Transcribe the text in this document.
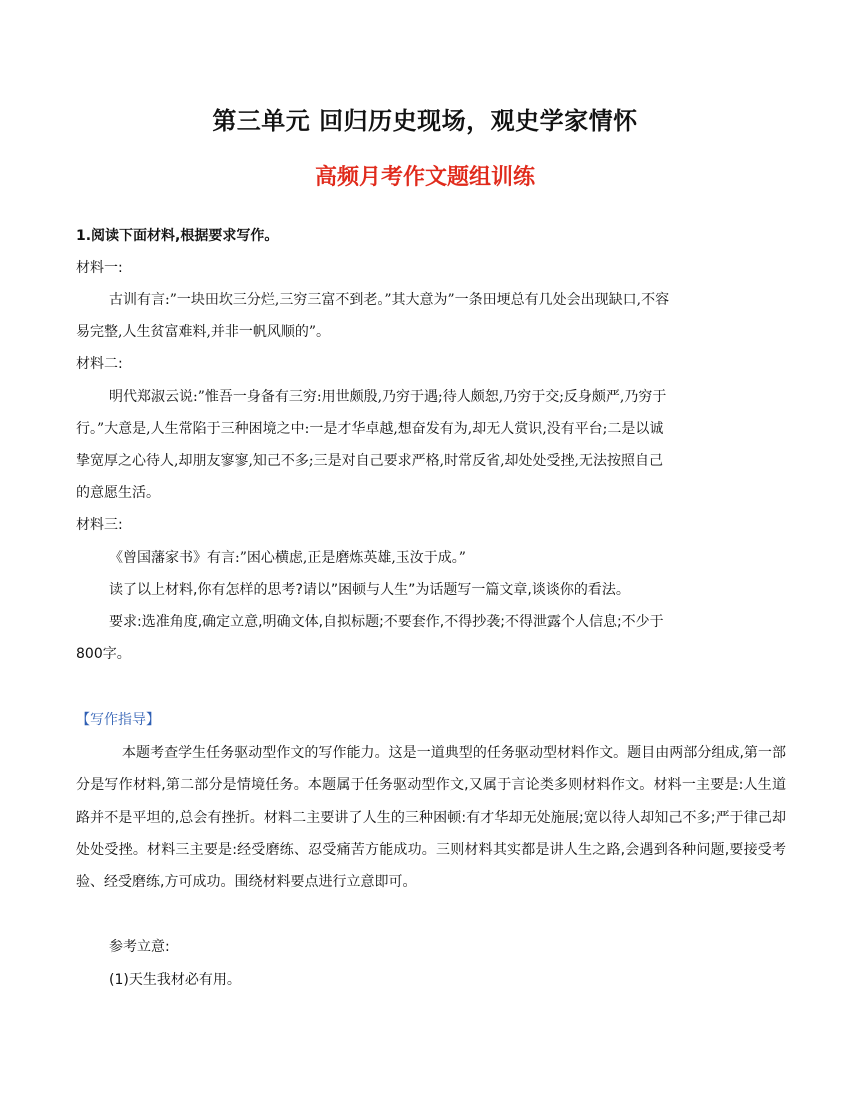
第三单元 回归历史现场，观史学家情怀
高频月考作文题组训练
1.阅读下面材料,根据要求写作。
材料一:
古训有言:”一块田坎三分烂,三穷三富不到老。”其大意为”一条田埂总有几处会出现缺口,不容
易完整,人生贫富难料,并非一帆风顺的”。
材料二:
明代郑淑云说:”惟吾一身备有三穷:用世颇殷,乃穷于遇;待人颇恕,乃穷于交;反身颇严,乃穷于
行。”大意是,人生常陷于三种困境之中:一是才华卓越,想奋发有为,却无人赏识,没有平台;二是以诚
挚宽厚之心待人,却朋友寥寥,知己不多;三是对自己要求严格,时常反省,却处处受挫,无法按照自己
的意愿生活。
材料三:
《曾国藩家书》有言:”困心横虑,正是磨炼英雄,玉汝于成。”
读了以上材料,你有怎样的思考?请以”困顿与人生”为话题写一篇文章,谈谈你的看法。
要求:选准角度,确定立意,明确文体,自拟标题;不要套作,不得抄袭;不得泄露个人信息;不少于
800字。
【写作指导】
本题考查学生任务驱动型作文的写作能力。这是一道典型的任务驱动型材料作文。题目由两部分组成,第一部分是写作材料,第二部分是情境任务。本题属于任务驱动型作文,又属于言论类多则材料作文。材料一主要是:人生道路并不是平坦的,总会有挫折。材料二主要讲了人生的三种困顿:有才华却无处施展;宽以待人却知己不多;严于律己却处处受挫。材料三主要是:经受磨练、忍受痛苦方能成功。三则材料其实都是讲人生之路,会遇到各种问题,要接受考验、经受磨练,方可成功。围绕材料要点进行立意即可。
参考立意:
(1)天生我材必有用。
